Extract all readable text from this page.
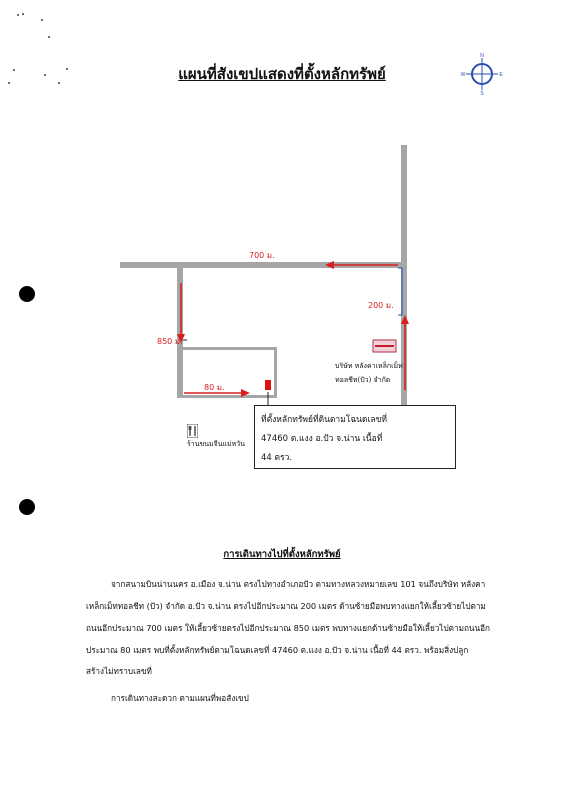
แผนที่สังเขปแสดงที่ตั้งหลักทรัพย์
N
S
E
W
700 ม.
200 ม.
850 ม.
80 ม.
บริษัท หลังคาเหล็กเม็ท
ทอลชีท(ปัว) จำกัด
ร้านขนมจีนแม่หวัน
ที่ตั้งหลักทรัพย์ที่ดินตามโฉนดเลขที่
47460 ต.แงง อ.ปัว จ.น่าน เนื้อที่
44 ตรว.
การเดินทางไปที่ตั้งหลักทรัพย์
จากสนามบินน่านนคร อ.เมือง จ.น่าน ตรงไปทางอำเภอปัว ตามทางหลวงหมายเลข 101 จนถึงบริษัท หลังคา
เหล็กเม็ททอลชีท (ปัว) จำกัด อ.ปัว จ.น่าน ตรงไปอีกประมาณ 200 เมตร ด้านซ้ายมือพบทางแยกให้เลี้ยวซ้ายไปตาม
ถนนอีกประมาณ 700 เมตร ให้เลี้ยวซ้ายตรงไปอีกประมาณ 850 เมตร พบทางแยกด้านซ้ายมือให้เลี้ยวไปตามถนนอีก
ประมาณ 80 เมตร พบที่ตั้งหลักทรัพย์ตามโฉนดเลขที่ 47460 ต.แงง อ.ปัว จ.น่าน เนื้อที่ 44 ตรว. พร้อมสิ่งปลูก
สร้างไม่ทราบเลขที่
การเดินทางสะดวก ตามแผนที่พอสังเขป
